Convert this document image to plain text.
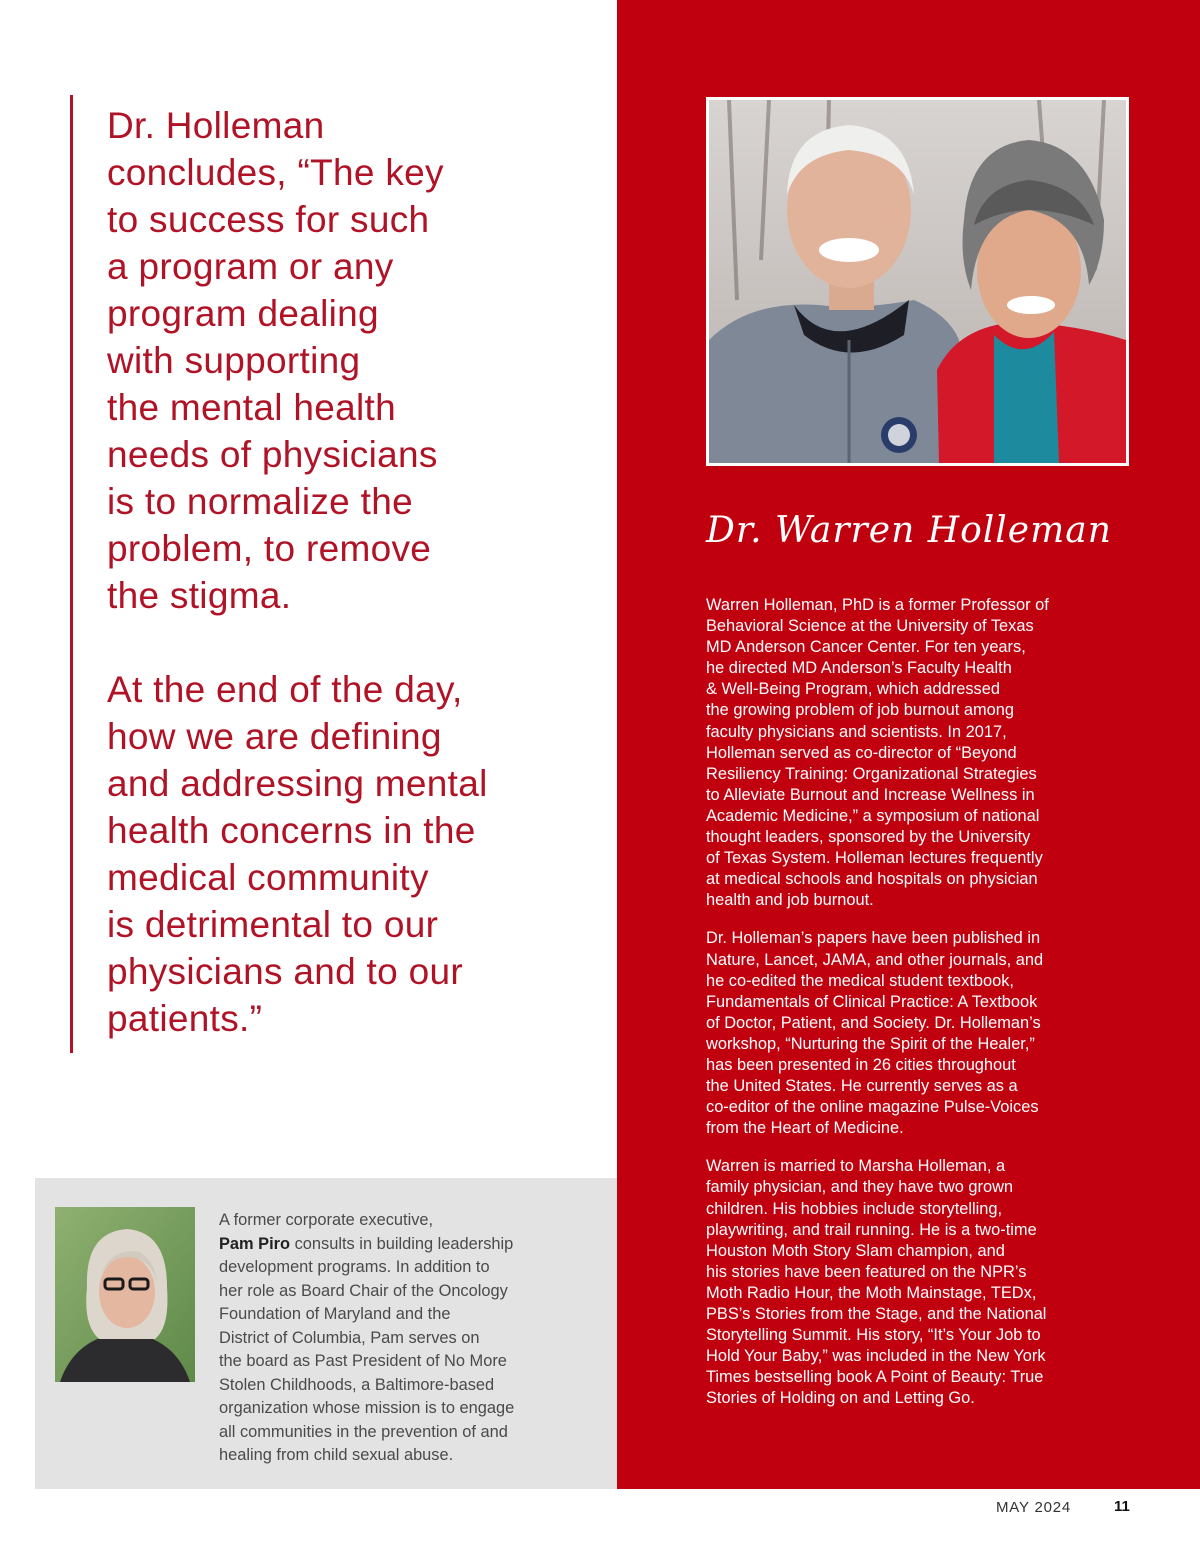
Dr. Holleman
concludes, “The key
to success for such
a program or any
program dealing
with supporting
the mental health
needs of physicians
is to normalize the
problem, to remove
the stigma.

At the end of the day,
how we are defining
and addressing mental
health concerns in the
medical community
is detrimental to our
physicians and to our
patients.”

Dr. Warren Holleman

Warren Holleman, PhD is a former Professor of
Behavioral Science at the University of Texas
MD Anderson Cancer Center. For ten years,
he directed MD Anderson’s Faculty Health
& Well-Being Program, which addressed
the growing problem of job burnout among
faculty physicians and scientists. In 2017,
Holleman served as co-director of “Beyond
Resiliency Training: Organizational Strategies
to Alleviate Burnout and Increase Wellness in
Academic Medicine,” a symposium of national
thought leaders, sponsored by the University
of Texas System. Holleman lectures frequently
at medical schools and hospitals on physician
health and job burnout.

Dr. Holleman’s papers have been published in
Nature, Lancet, JAMA, and other journals, and
he co-edited the medical student textbook,
Fundamentals of Clinical Practice: A Textbook
of Doctor, Patient, and Society. Dr. Holleman’s
workshop, “Nurturing the Spirit of the Healer,”
has been presented in 26 cities throughout
the United States. He currently serves as a
co-editor of the online magazine Pulse-Voices
from the Heart of Medicine.

Warren is married to Marsha Holleman, a
family physician, and they have two grown
children. His hobbies include storytelling,
playwriting, and trail running. He is a two-time
Houston Moth Story Slam champion, and
his stories have been featured on the NPR’s
Moth Radio Hour, the Moth Mainstage, TEDx,
PBS’s Stories from the Stage, and the National
Storytelling Summit. His story, “It’s Your Job to
Hold Your Baby,” was included in the New York
Times bestselling book A Point of Beauty: True
Stories of Holding on and Letting Go.

A former corporate executive,
Pam Piro consults in building leadership
development programs. In addition to
her role as Board Chair of the Oncology
Foundation of Maryland and the
District of Columbia, Pam serves on
the board as Past President of No More
Stolen Childhoods, a Baltimore-based
organization whose mission is to engage
all communities in the prevention of and
healing from child sexual abuse.
MAY 2024	11
